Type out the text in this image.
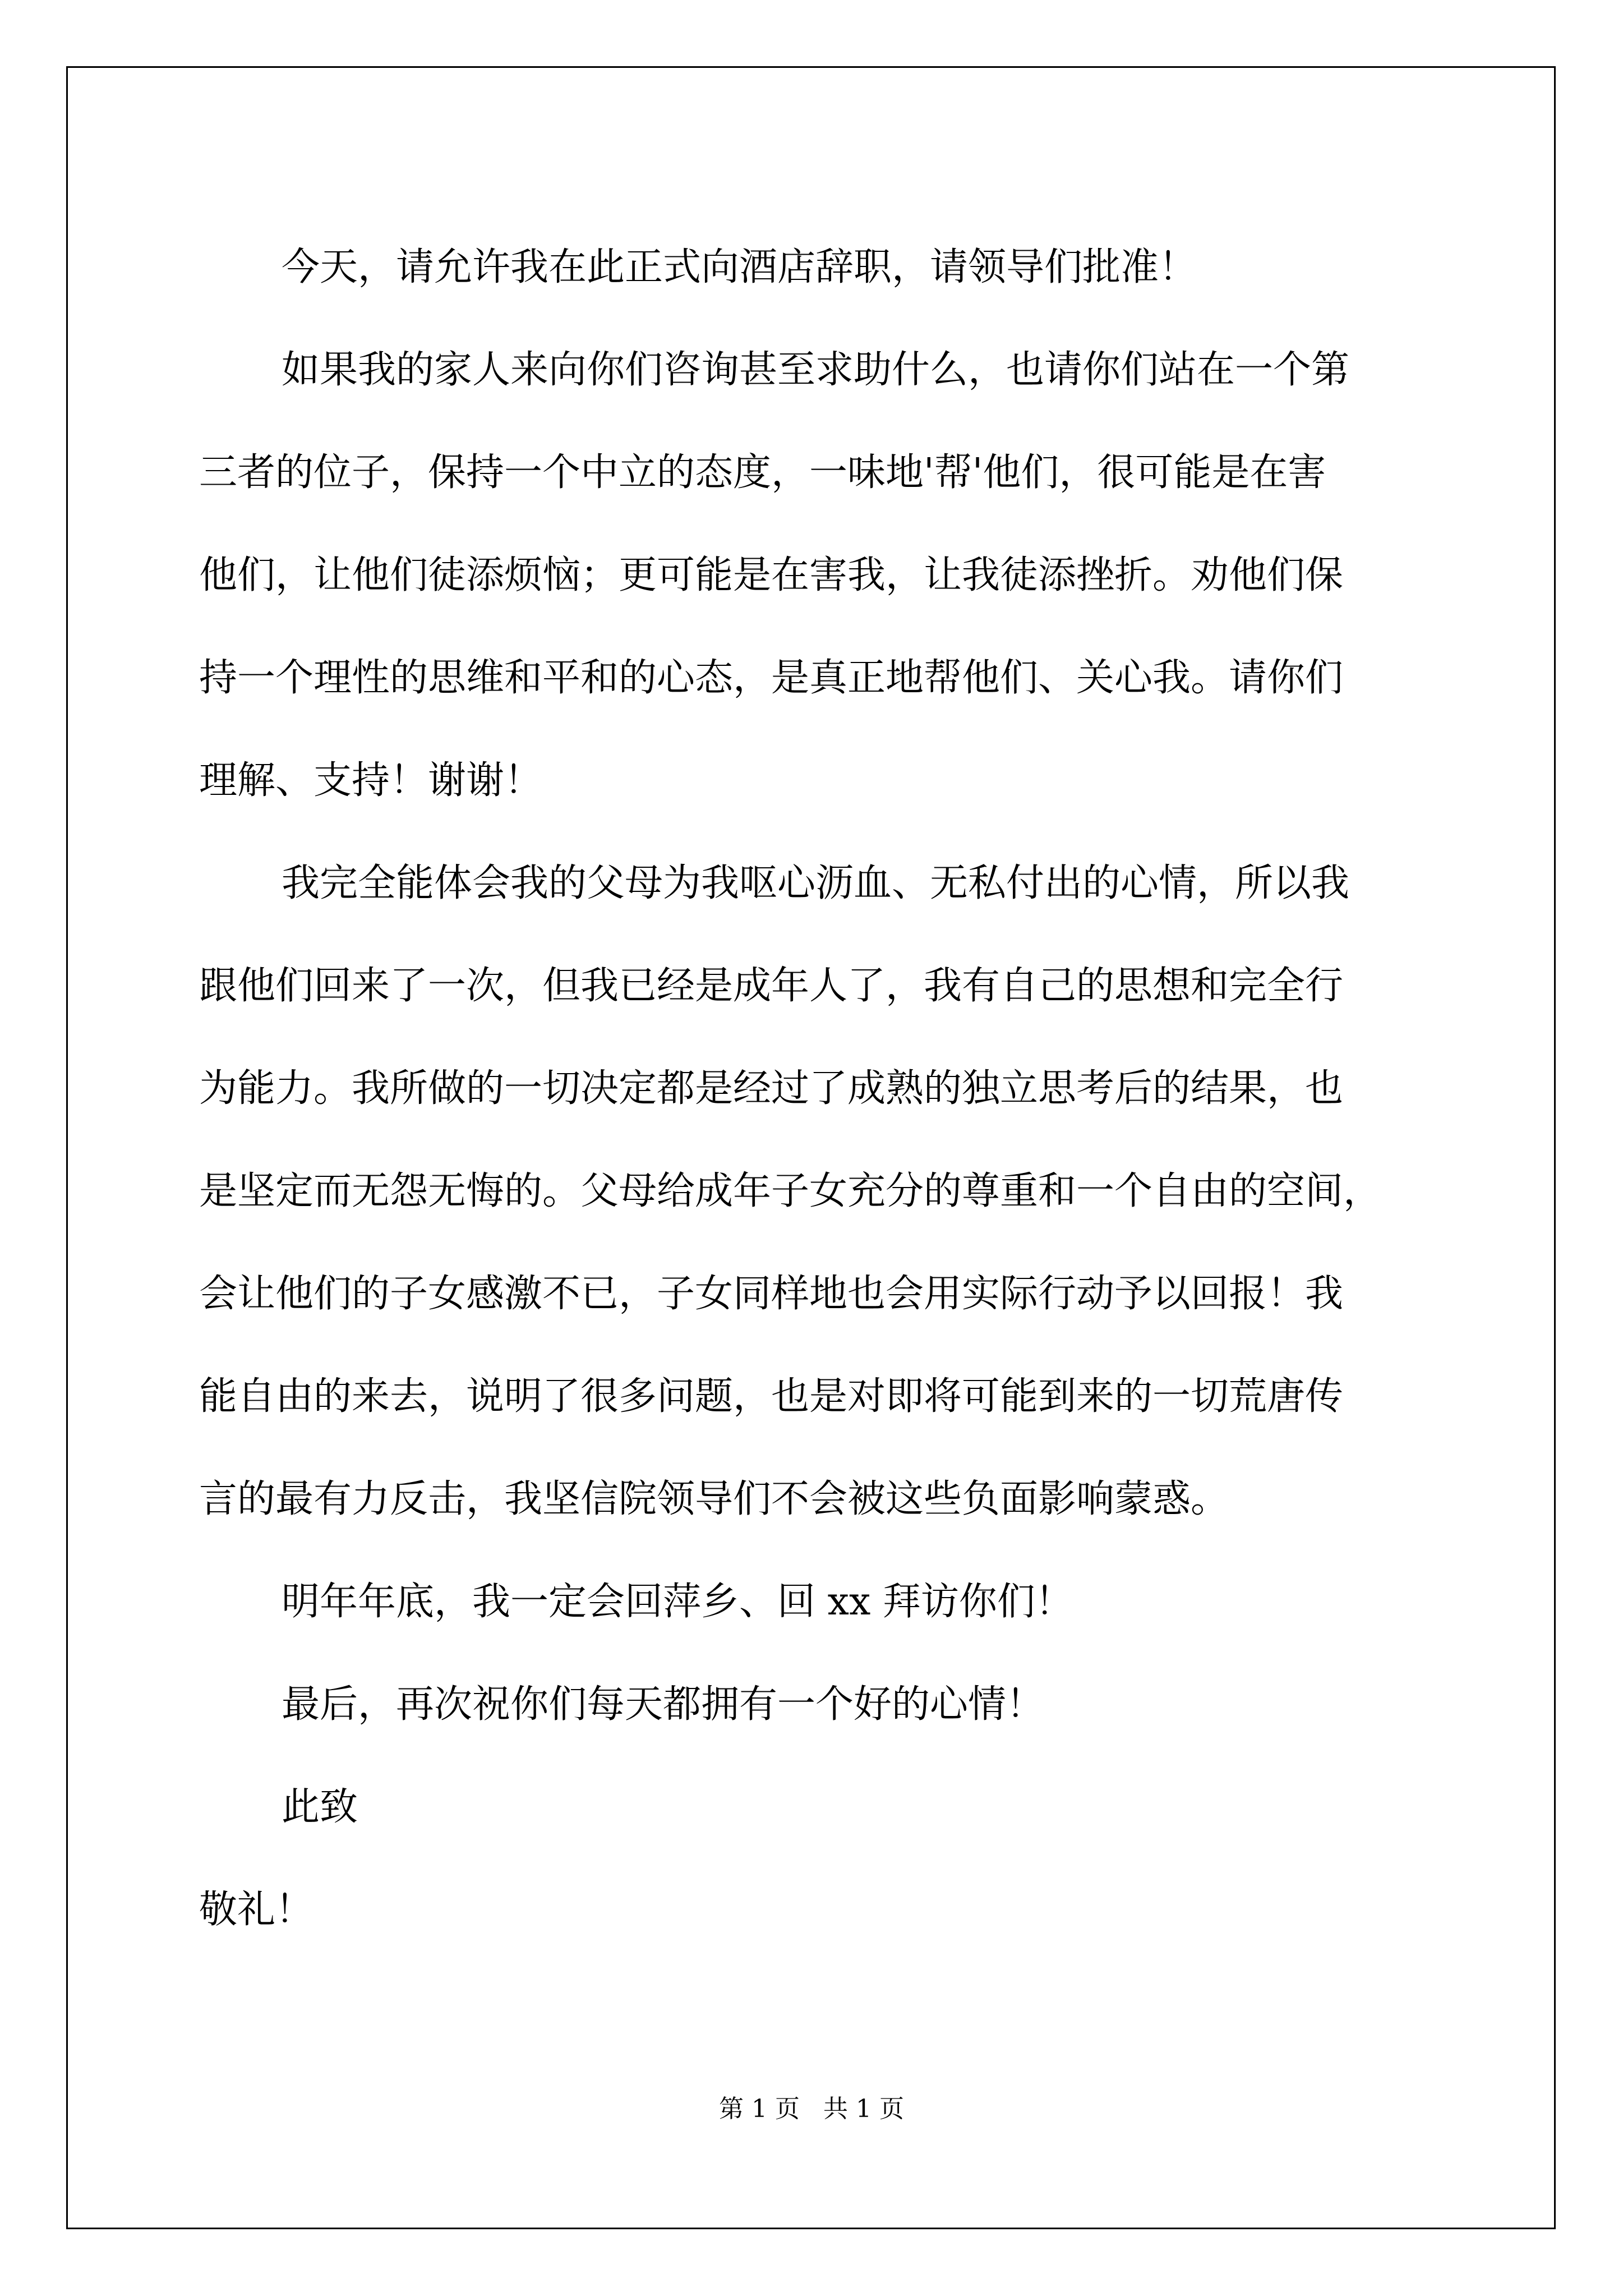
今天，请允许我在此正式向酒店辞职，请领导们批准！

如果我的家人来向你们咨询甚至求助什么，也请你们站在一个第

三者的位子，保持一个中立的态度，一味地'帮'他们，很可能是在害

他们，让他们徒添烦恼；更可能是在害我，让我徒添挫折。劝他们保

持一个理性的思维和平和的心态，是真正地帮他们、关心我。请你们

理解、支持！谢谢！

我完全能体会我的父母为我呕心沥血、无私付出的心情，所以我

跟他们回来了一次，但我已经是成年人了，我有自己的思想和完全行

为能力。我所做的一切决定都是经过了成熟的独立思考后的结果，也

是坚定而无怨无悔的。父母给成年子女充分的尊重和一个自由的空间，

会让他们的子女感激不已，子女同样地也会用实际行动予以回报！我

能自由的来去，说明了很多问题，也是对即将可能到来的一切荒唐传

言的最有力反击，我坚信院领导们不会被这些负面影响蒙惑。

明年年底，我一定会回萍乡、回 xx 拜访你们！

最后，再次祝你们每天都拥有一个好的心情！

此致

敬礼！

第 1 页   共 1 页
